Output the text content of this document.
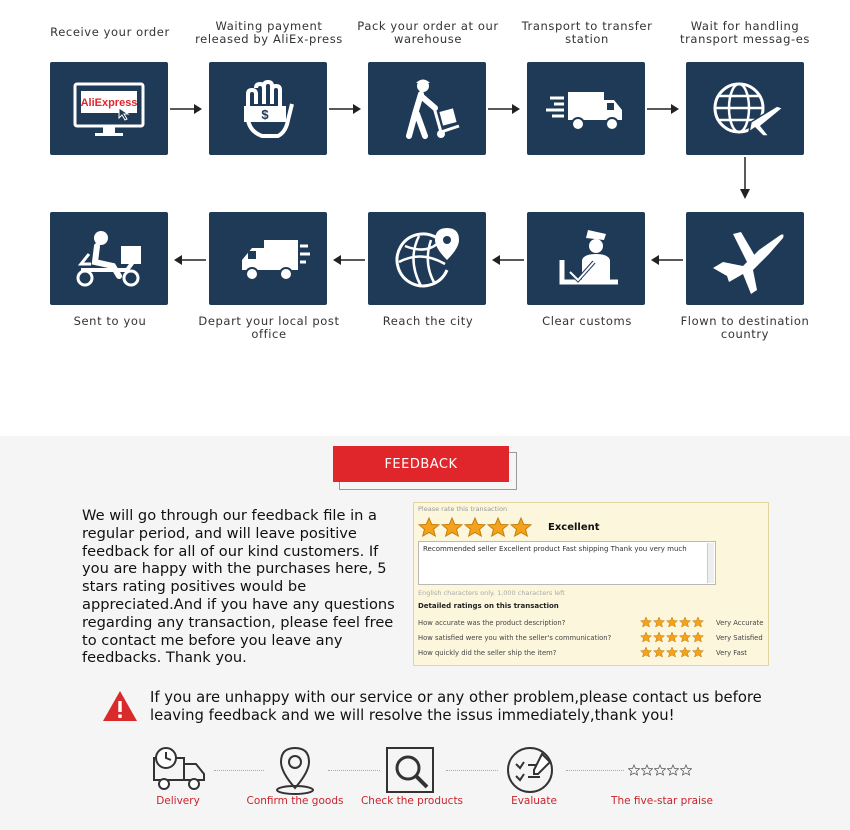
Receive your order	Waiting payment released by AliEx-press
Pack your order at our warehouse
Transport to transfer station
Wait for handling transport messag-es
AliExpress
$
Sent to you	Depart your local post office
Reach the city	Clear customs	Flown to destination country
FEEDBACK
We will go through our feedback file in a regular period, and will leave positive feedback for all of our kind customers. If you are happy with the purchases here, 5 stars rating positives would be appreciated.And if you have any questions regarding any transaction, please feel free to contact me before you leave any feedbacks. Thank you.
Please rate this transaction
Excellent
Recommended seller Excellent product Fast shipping Thank you very much
English characters only. 1,000 characters left
Detailed ratings on this transaction
How accurate was the product description?	Very Accurate
How satisfied were you with the seller's communication?	Very Satisfied
How quickly did the seller ship the item?	Very Fast
If you are unhappy with our service or any other problem,please contact us before leaving feedback and we will resolve the issus immediately,thank you!
Delivery	Confirm the goods	Check the products	Evaluate	The five-star praise
